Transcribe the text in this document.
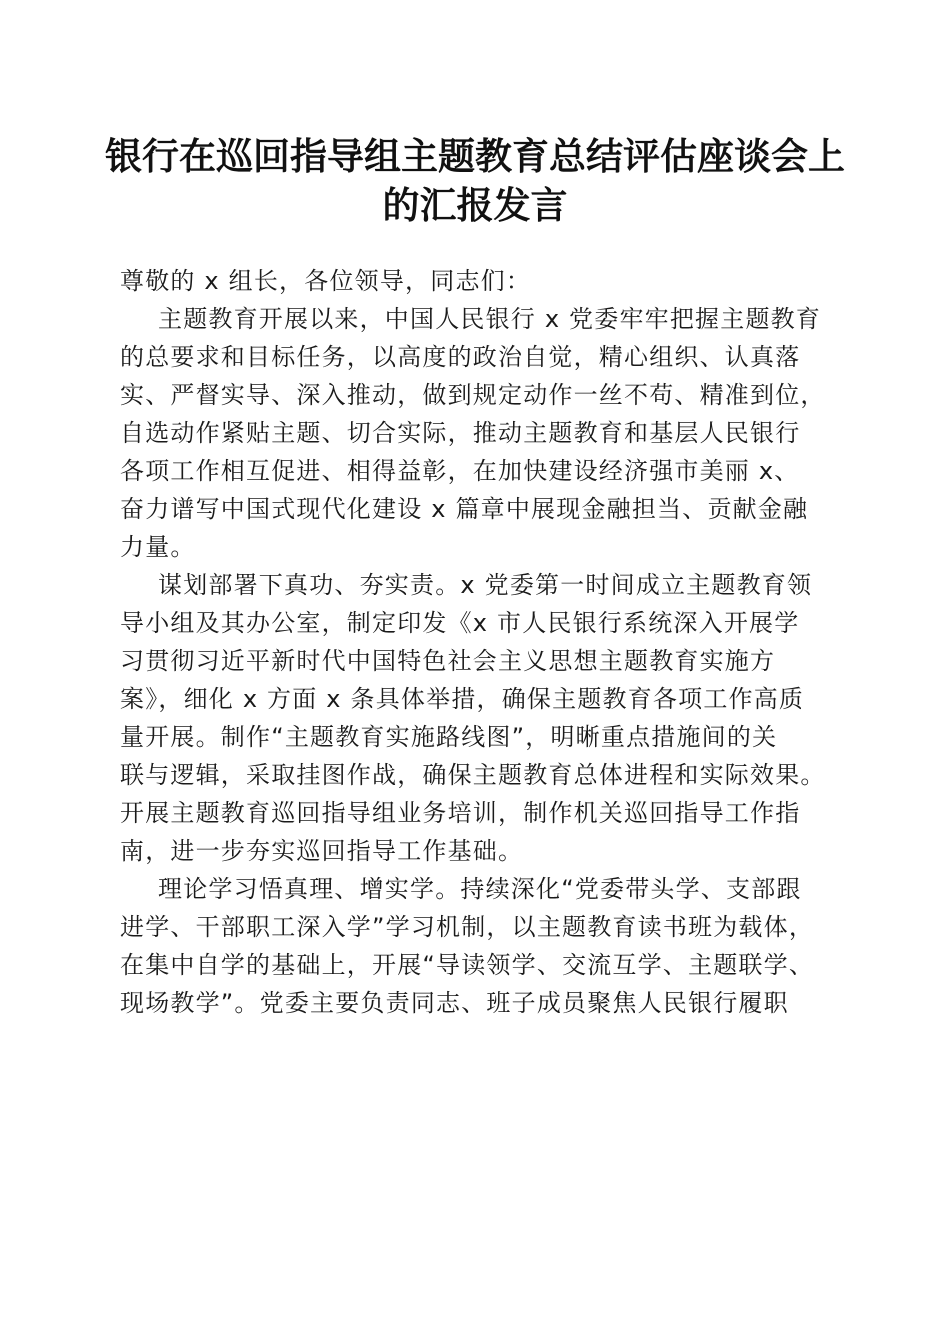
银行在巡回指导组主题教育总结评估座谈会上
的汇报发言
尊敬的 x 组长，各位领导，同志们：
主题教育开展以来，中国人民银行 x 党委牢牢把握主题教育
的总要求和目标任务，以高度的政治自觉，精心组织、认真落
实、严督实导、深入推动，做到规定动作一丝不苟、精准到位，
自选动作紧贴主题、切合实际，推动主题教育和基层人民银行
各项工作相互促进、相得益彰，在加快建设经济强市美丽 x、
奋力谱写中国式现代化建设 x 篇章中展现金融担当、贡献金融
力量。
谋划部署下真功、夯实责。x 党委第一时间成立主题教育领
导小组及其办公室，制定印发《x 市人民银行系统深入开展学
习贯彻习近平新时代中国特色社会主义思想主题教育实施方
案》，细化 x 方面 x 条具体举措，确保主题教育各项工作高质
量开展。制作“主题教育实施路线图”，明晰重点措施间的关
联与逻辑，采取挂图作战，确保主题教育总体进程和实际效果。
开展主题教育巡回指导组业务培训，制作机关巡回指导工作指
南，进一步夯实巡回指导工作基础。
理论学习悟真理、增实学。持续深化“党委带头学、支部跟
进学、干部职工深入学”学习机制，以主题教育读书班为载体，
在集中自学的基础上，开展“导读领学、交流互学、主题联学、
现场教学”。党委主要负责同志、班子成员聚焦人民银行履职
